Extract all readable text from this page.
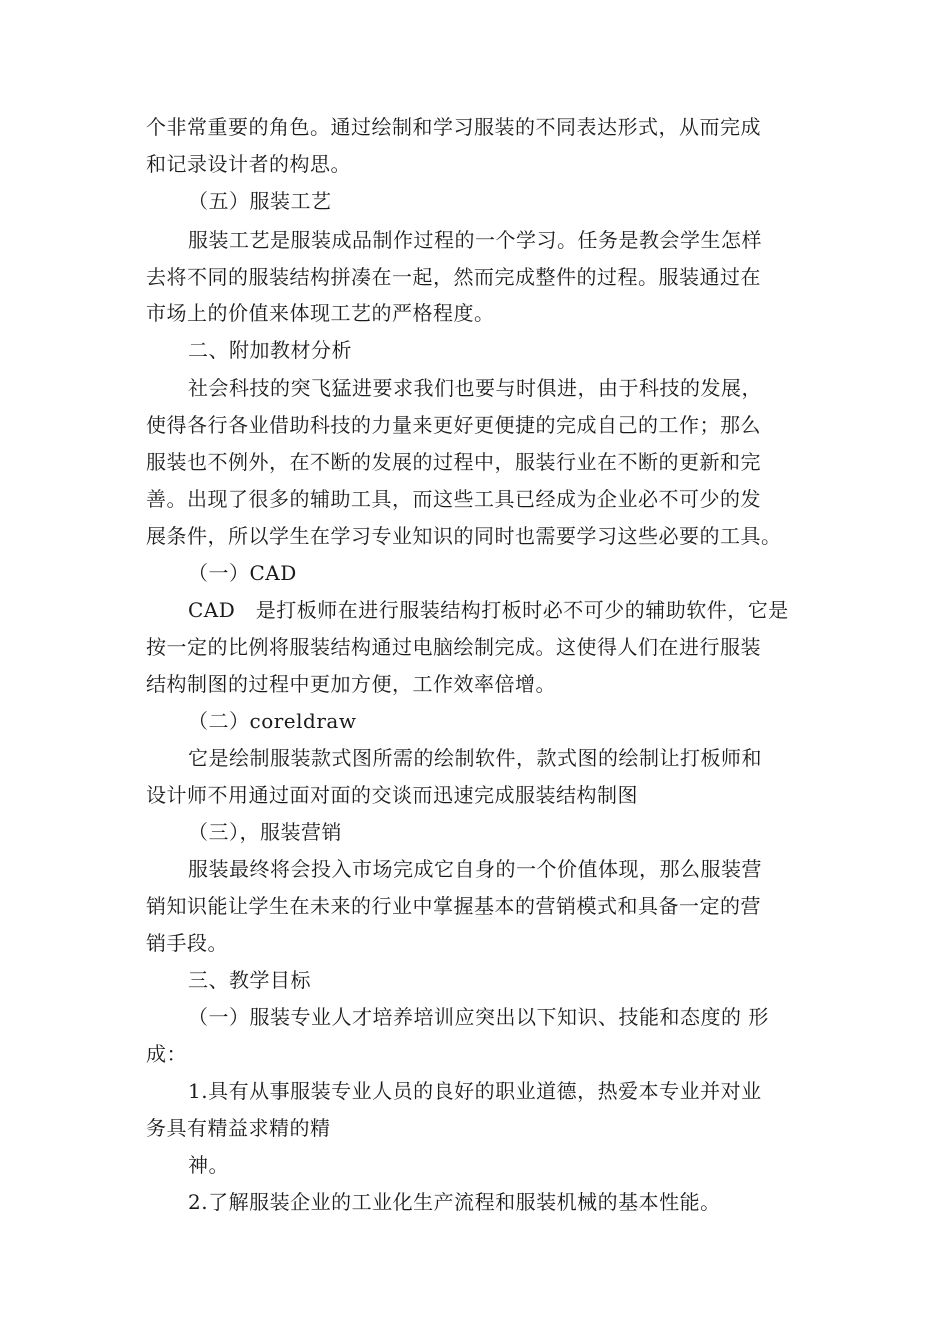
个非常重要的角色。通过绘制和学习服装的不同表达形式，从而完成
和记录设计者的构思。
（五）服装工艺
服装工艺是服装成品制作过程的一个学习。任务是教会学生怎样
去将不同的服装结构拼凑在一起，然而完成整件的过程。服装通过在
市场上的价值来体现工艺的严格程度。
二、附加教材分析
社会科技的突飞猛进要求我们也要与时俱进，由于科技的发展，
使得各行各业借助科技的力量来更好更便捷的完成自己的工作；那么
服装也不例外，在不断的发展的过程中，服装行业在不断的更新和完
善。出现了很多的辅助工具，而这些工具已经成为企业必不可少的发
展条件，所以学生在学习专业知识的同时也需要学习这些必要的工具。
（一）CAD
CAD　是打板师在进行服装结构打板时必不可少的辅助软件，它是
按一定的比例将服装结构通过电脑绘制完成。这使得人们在进行服装
结构制图的过程中更加方便，工作效率倍增。
（二）coreldraw
它是绘制服装款式图所需的绘制软件，款式图的绘制让打板师和
设计师不用通过面对面的交谈而迅速完成服装结构制图
（三），服装营销
服装最终将会投入市场完成它自身的一个价值体现，那么服装营
销知识能让学生在未来的行业中掌握基本的营销模式和具备一定的营
销手段。
三、教学目标
（一）服装专业人才培养培训应突出以下知识、技能和态度的 形
成：
1.具有从事服装专业人员的良好的职业道德，热爱本专业并对业
务具有精益求精的精
神。
2.了解服装企业的工业化生产流程和服装机械的基本性能。
